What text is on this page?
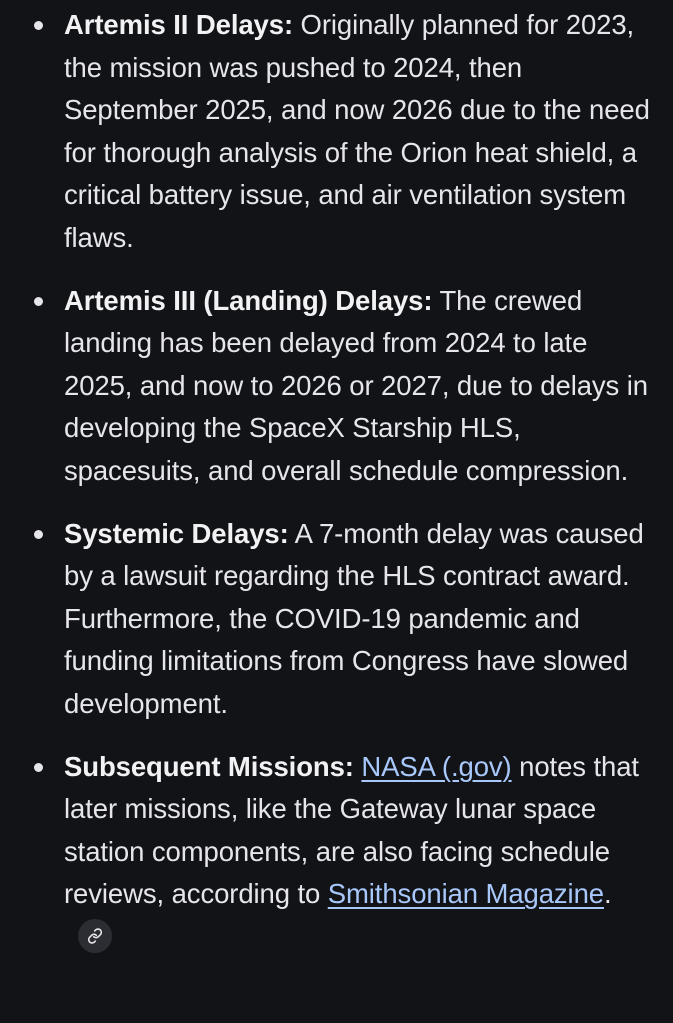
Artemis II Delays: Originally planned for 2023, the mission was pushed to 2024, then September 2025, and now 2026 due to the need for thorough analysis of the Orion heat shield, a critical battery issue, and air ventilation system flaws.
Artemis III (Landing) Delays: The crewed landing has been delayed from 2024 to late 2025, and now to 2026 or 2027, due to delays in developing the SpaceX Starship HLS, spacesuits, and overall schedule compression.
Systemic Delays: A 7-month delay was caused by a lawsuit regarding the HLS contract award. Furthermore, the COVID-19 pandemic and funding limitations from Congress have slowed development.
Subsequent Missions: NASA (.gov) notes that later missions, like the Gateway lunar space station components, are also facing schedule reviews, according to Smithsonian Magazine.
